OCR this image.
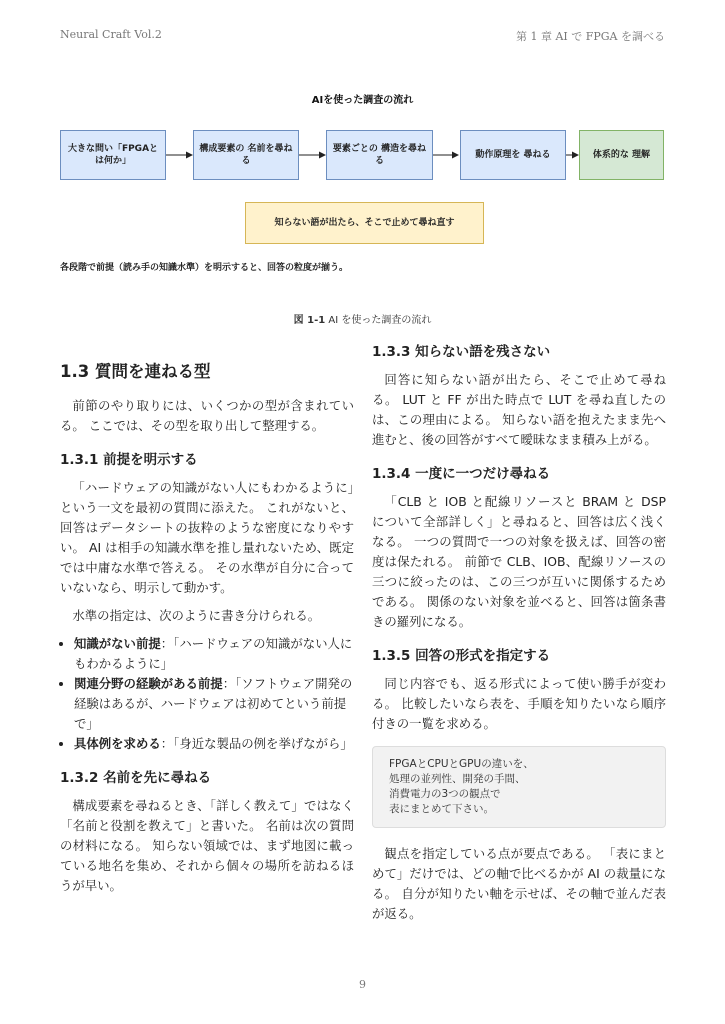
Neural Craft Vol.2	第 1 章 AI で FPGA を調べる
AIを使った調査の流れ
大きな問い「FPGAとは何か」
構成要素の 名前を尋ねる
要素ごとの 構造を尋ねる
動作原理を 尋ねる	体系的な 理解
知らない語が出たら、そこで止めて尋ね直す
各段階で前提（読み手の知識水準）を明示すると、回答の粒度が揃う。
図 1-1 AI を使った調査の流れ
1.3 質問を連ねる型

前節のやり取りには、いくつかの型が含まれている。 ここでは、その型を取り出して整理する。

1.3.1 前提を明示する

「ハードウェアの知識がない人にもわかるように」という一文を最初の質問に添えた。 これがないと、回答はデータシートの抜粋のような密度になりやすい。 AI は相手の知識水準を推し量れないため、既定では中庸な水準で答える。 その水準が自分に合っていないなら、明示して動かす。

水準の指定は、次のように書き分けられる。

• 知識がない前提：「ハードウェアの知識がない人にもわかるように」
• 関連分野の経験がある前提：「ソフトウェア開発の経験はあるが、ハードウェアは初めてという前提で」
• 具体例を求める：「身近な製品の例を挙げながら」
1.3.2 名前を先に尋ねる

構成要素を尋ねるとき、「詳しく教えて」ではなく「名前と役割を教えて」と書いた。 名前は次の質問の材料になる。 知らない領域では、まず地図に載っている地名を集め、それから個々の場所を訪ねるほうが早い。

1.3.3 知らない語を残さない

回答に知らない語が出たら、そこで止めて尋ねる。 LUT と FF が出た時点で LUT を尋ね直したのは、この理由による。 知らない語を抱えたまま先へ進むと、後の回答がすべて曖昧なまま積み上がる。

1.3.4 一度に一つだけ尋ねる

「CLB と IOB と配線リソースと BRAM と DSP について全部詳しく」と尋ねると、回答は広く浅くなる。 一つの質問で一つの対象を扱えば、回答の密度は保たれる。 前節で CLB、IOB、配線リソースの三つに絞ったのは、この三つが互いに関係するためである。 関係のない対象を並べると、回答は箇条書きの羅列になる。

1.3.5 回答の形式を指定する

同じ内容でも、返る形式によって使い勝手が変わる。 比較したいなら表を、手順を知りたいなら順序付きの一覧を求める。

FPGAとCPUとGPUの違いを、
処理の並列性、開発の手間、
消費電力の3つの観点で
表にまとめて下さい。

観点を指定している点が要点である。 「表にまとめて」だけでは、どの軸で比べるかが AI の裁量になる。 自分が知りたい軸を示せば、その軸で並んだ表が返る。

9
